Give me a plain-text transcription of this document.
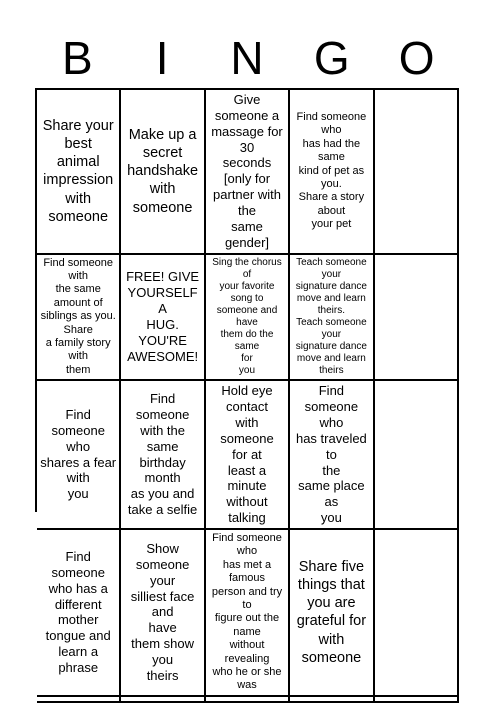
B	I	N	G	O
Share your
best
animal
impression
with someone
Make up a
secret
handshake
with
someone
Give someone a
massage for 30
seconds [only for
partner with the
same gender]
Find someone who
has had the same
kind of pet as you.
Share a story about
your pet
Find someone with
the same amount of
siblings as you.
Share
a family story with
them
FREE! GIVE
YOURSELF A
HUG. YOU'RE
AWESOME!
Sing the chorus of
your favorite song to
someone and have
them do the same
for
you
Teach someone your
signature dance
move and learn
theirs.
Teach someone your
signature dance
move and learn
theirs
Find someone
who
shares a fear
with
you
Find someone
with the same
birthday month
as you and
take a selfie
Hold eye
contact
with someone
for at
least a minute
without talking
Find someone
who
has traveled to
the
same place as
you
Find someone
who has a
different mother
tongue and
learn a phrase
Show someone
your
silliest face and
have
them show you
theirs
Find someone who
has met a famous
person and try to
figure out the name
without revealing
who he or she was
Share five
things that
you are
grateful for
with someone
